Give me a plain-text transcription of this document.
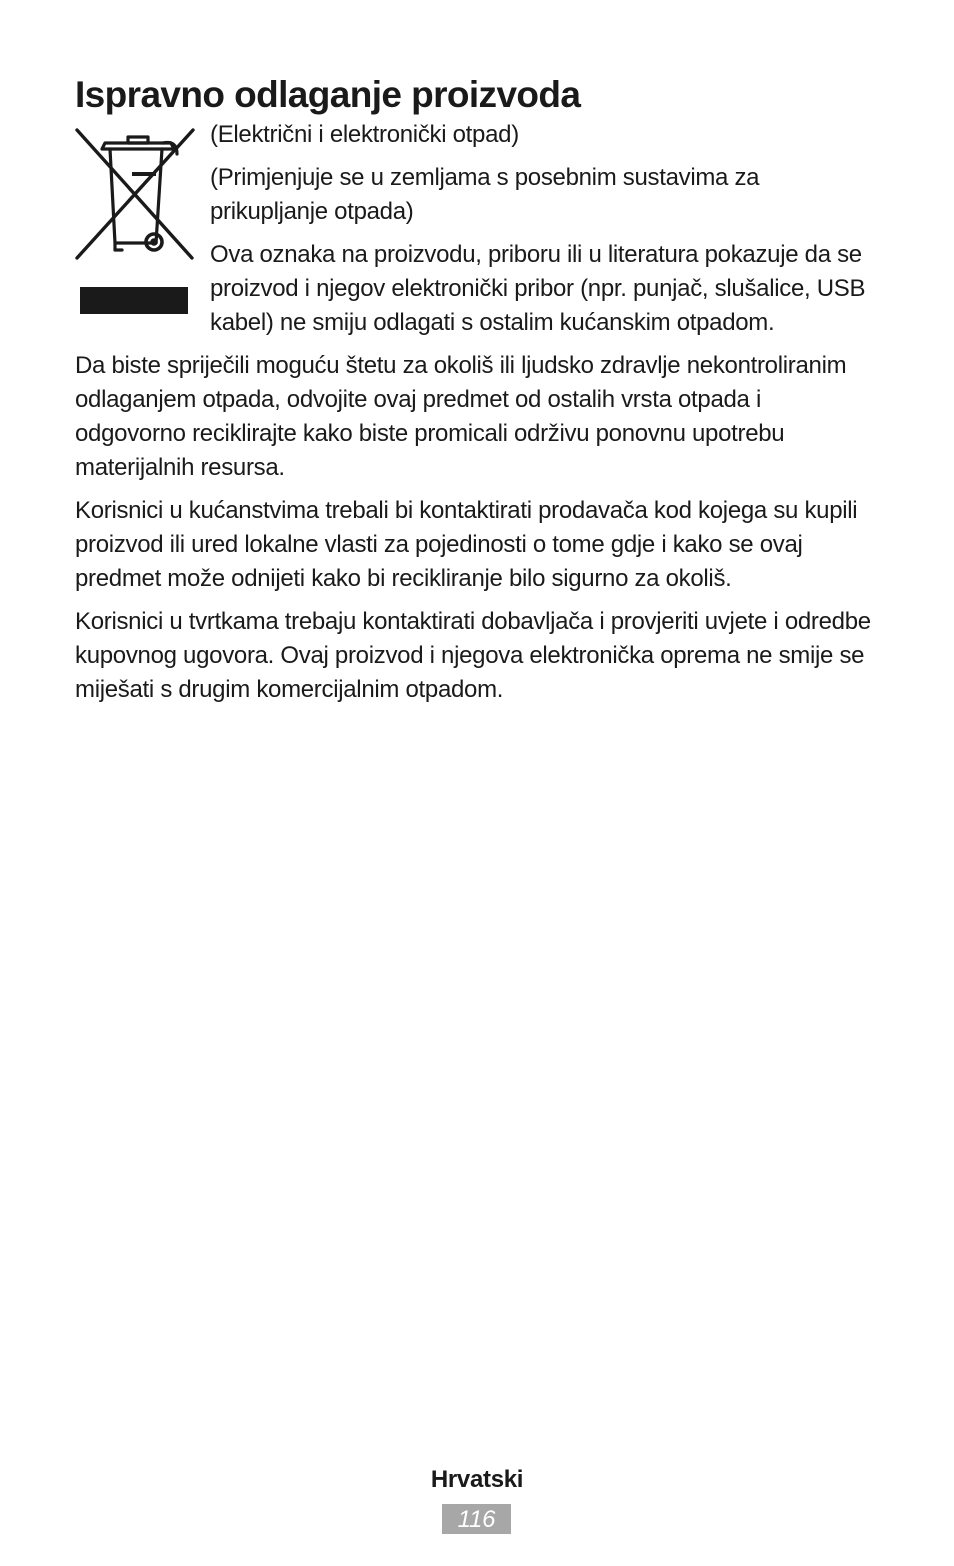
Ispravno odlaganje proizvoda

(Električni i elektronički otpad)

(Primjenjuje se u zemljama s posebnim sustavima za prikupljanje otpada)

Ova oznaka na proizvodu, priboru ili u literatura pokazuje da se proizvod i njegov elektronički pribor (npr. punjač, slušalice, USB kabel) ne smiju odlagati s ostalim kućanskim otpadom.

Da biste spriječili moguću štetu za okoliš ili ljudsko zdravlje nekontroliranim odlaganjem otpada, odvojite ovaj predmet od ostalih vrsta otpada i odgovorno reciklirajte kako biste promicali održivu ponovnu upotrebu materijalnih resursa.

Korisnici u kućanstvima trebali bi kontaktirati prodavača kod kojega su kupili proizvod ili ured lokalne vlasti za pojedinosti o tome gdje i kako se ovaj predmet može odnijeti kako bi recikliranje bilo sigurno za okoliš.

Korisnici u tvrtkama trebaju kontaktirati dobavljača i provjeriti uvjete i odredbe kupovnog ugovora. Ovaj proizvod i njegova elektronička oprema ne smije se miješati s drugim komercijalnim otpadom.

Hrvatski
116
